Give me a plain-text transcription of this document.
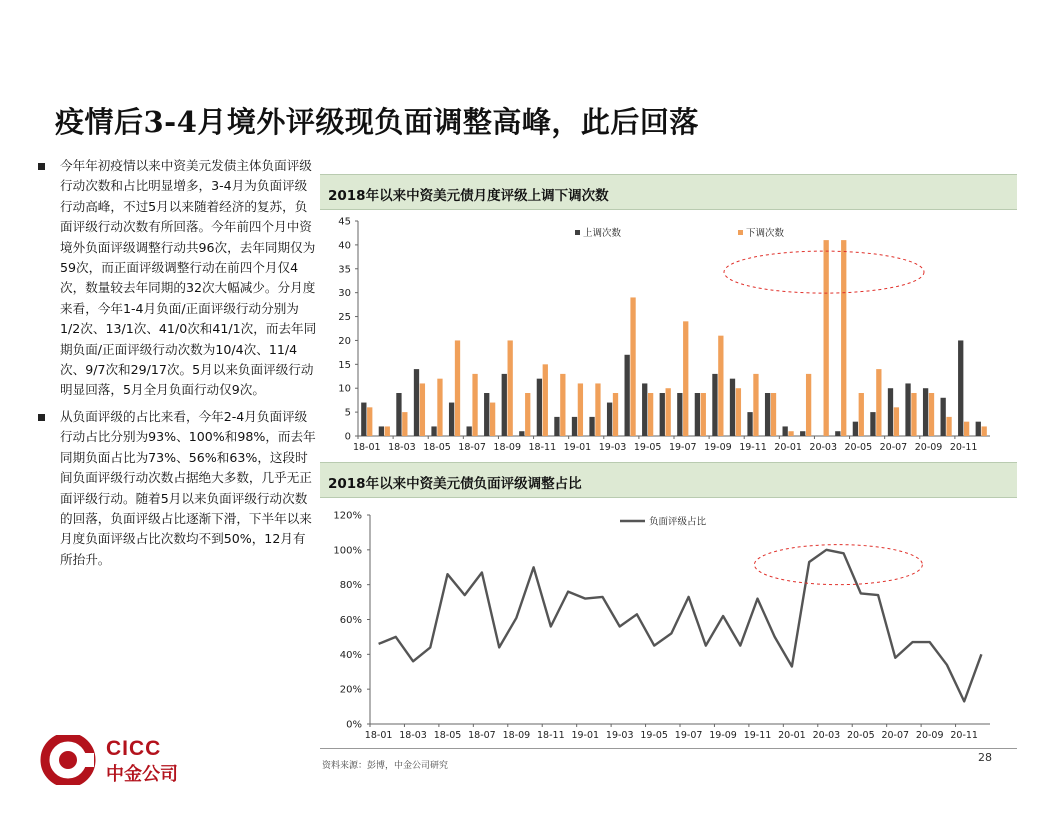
疫情后3-4月境外评级现负面调整高峰，此后回落
今年年初疫情以来中资美元发债主体负面评级行动次数和占比明显增多，3-4月为负面评级行动高峰，不过5月以来随着经济的复苏，负面评级行动次数有所回落。今年前四个月中资境外负面评级调整行动共96次，去年同期仅为59次，而正面评级调整行动在前四个月仅4次，数量较去年同期的32次大幅减少。分月度来看，今年1-4月负面/正面评级行动分别为1/2次、13/1次、41/0次和41/1次，而去年同期负面/正面评级行动次数为10/4次、11/4次、9/7次和29/17次。5月以来负面评级行动明显回落，5月全月负面行动仅9次。
从负面评级的占比来看，今年2-4月负面评级行动占比分别为93%、100%和98%，而去年同期负面占比为73%、56%和63%，这段时间负面评级行动次数占据绝大多数，几乎无正面评级行动。随着5月以来负面评级行动次数的回落，负面评级占比逐渐下滑，下半年以来月度负面评级占比次数均不到50%，12月有所抬升。
2018年以来中资美元债月度评级上调下调次数
0
5
10
15
20
25
30
35
40
45
18-01 18-03 18-05 18-07 18-09 18-11 19-01 19-03 19-05 19-07 19-09 19-11 20-01 20-03 20-05 20-07 20-09 20-11
上调次数	下调次数
2018年以来中资美元债负面评级调整占比
0%
20%
40%
60%
80%
100%
120%
18-01 18-03 18-05 18-07 18-09 18-11 19-01 19-03 19-05 19-07 19-09 19-11 20-01 20-03 20-05 20-07 20-09 20-11
负面评级占比
资料来源：彭博，中金公司研究
28
CICC
中金公司
